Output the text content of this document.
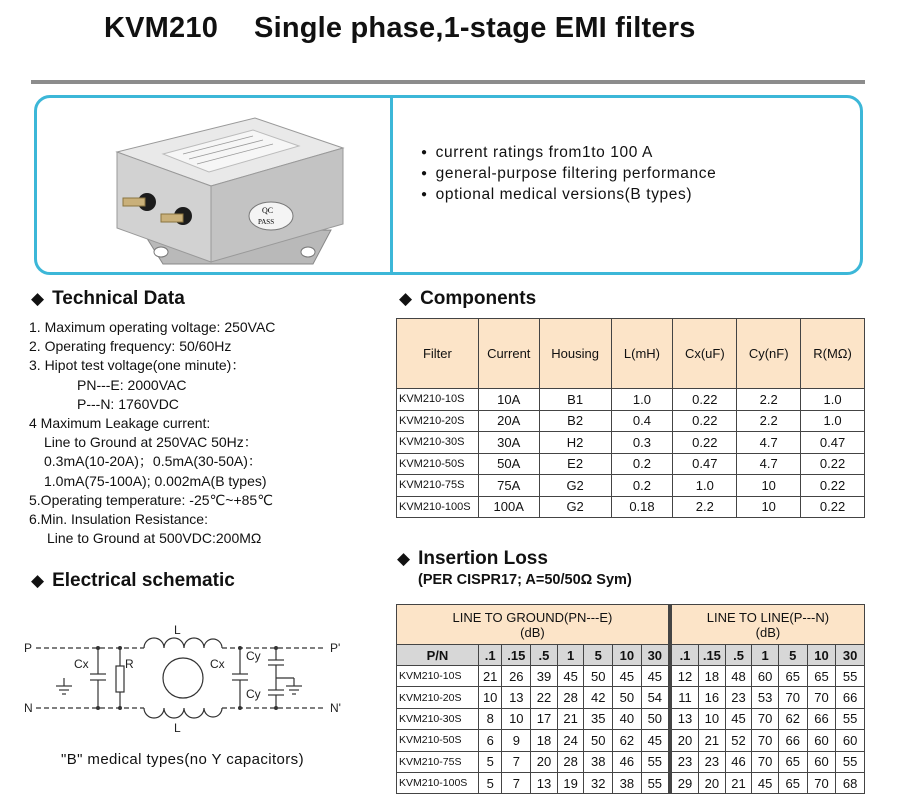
KVM210 Single phase,1-stage EMI filters
QC
PASS
● current ratings from1to 100 A
● general-purpose filtering performance
● optional medical versions(B types)
◆ Technical Data
1. Maximum operating voltage: 250VAC
2. Operating frequency: 50/60Hz
3. Hipot test voltage(one minute)：
PN---E: 2000VAC
P---N: 1760VDC
4 Maximum Leakage current:
Line to Ground at 250VAC 50Hz：
0.3mA(10-20A)；0.5mA(30-50A)：
1.0mA(75-100A); 0.002mA(B types)
5.Operating temperature: -25℃~+85℃
6.Min. Insulation Resistance:
Line to Ground at 500VDC:200MΩ
◆ Electrical schematic
P
N
P'
N'
L
L
Cx	R	Cx
Cy
Cy
"B" medical types(no Y capacitors)
◆ Components
Filter	Current	Housing	L(mH)	Cx(uF)	Cy(nF)	R(MΩ)
KVM210-10S	10A	B1	1.0	0.22	2.2	1.0
KVM210-20S	20A	B2	0.4	0.22	2.2	1.0
KVM210-30S	30A	H2	0.3	0.22	4.7	0.47
KVM210-50S	50A	E2	0.2	0.47	4.7	0.22
KVM210-75S	75A	G2	0.2	1.0	10	0.22
KVM210-100S	100A	G2	0.18	2.2	10	0.22
◆ Insertion Loss
(PER CISPR17; A=50/50Ω Sym)
LINE TO GROUND(PN---E)
(dB)								LINE TO LINE(P---N)
(dB)						
P/N	.1	.15	.5	1	5	10	30	.1	.15	.5	1	5	10	30
KVM210-10S	21	26	39	45	50	45	45	12	18	48	60	65	65	55
KVM210-20S	10	13	22	28	42	50	54	11	16	23	53	70	70	66
KVM210-30S	8	10	17	21	35	40	50	13	10	45	70	62	66	55
KVM210-50S	6	9	18	24	50	62	45	20	21	52	70	66	60	60
KVM210-75S	5	7	20	28	38	46	55	23	23	46	70	65	60	55
KVM210-100S	5	7	13	19	32	38	55	29	20	21	45	65	70	68
